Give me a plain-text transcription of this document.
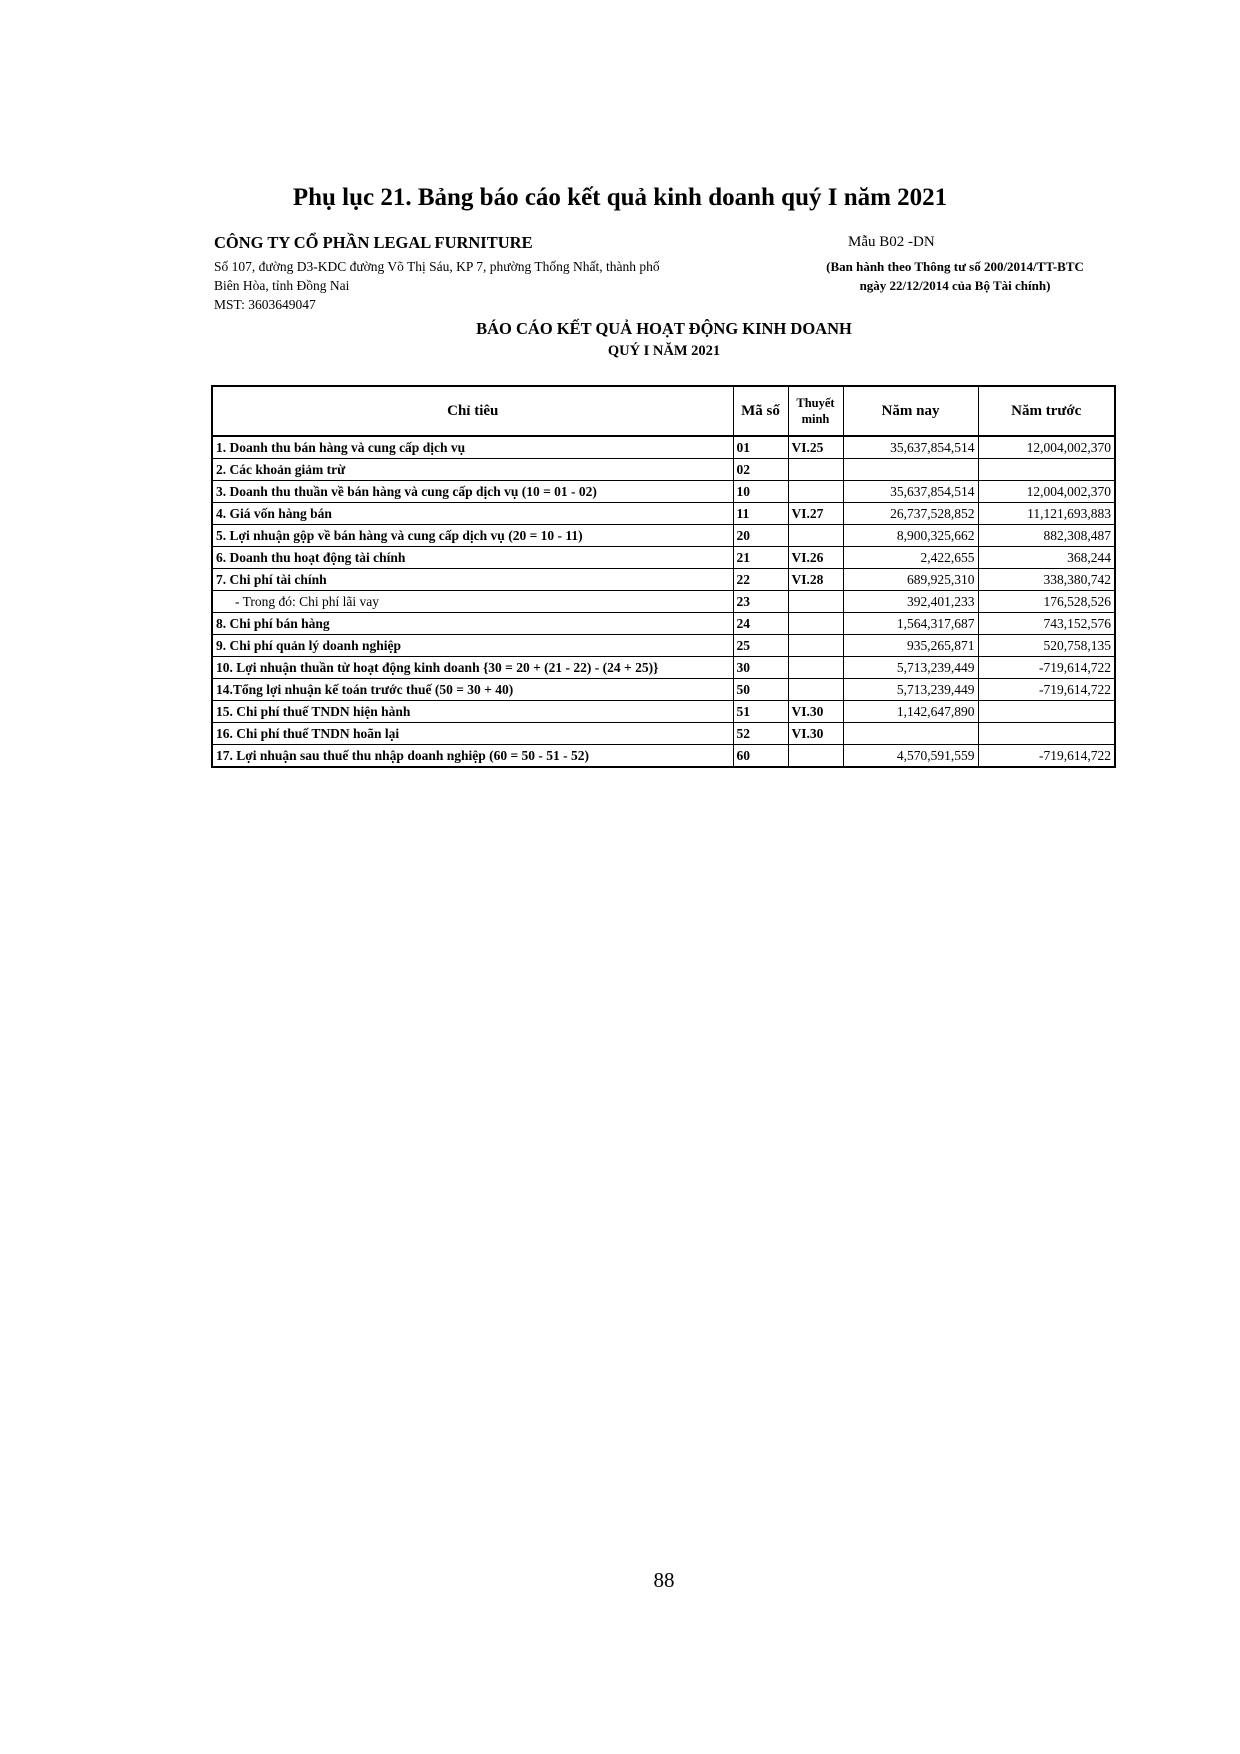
Phụ lục 21. Bảng báo cáo kết quả kinh doanh quý I năm 2021
CÔNG TY CỔ PHẦN LEGAL FURNITURE
Số 107, đường D3-KDC đường Võ Thị Sáu, KP 7, phường Thống Nhất, thành phố
Biên Hòa, tỉnh Đồng Nai
MST: 3603649047
Mẫu B02 -DN
(Ban hành theo Thông tư số 200/2014/TT-BTC
ngày 22/12/2014 của Bộ Tài chính)
BÁO CÁO KẾT QUẢ HOẠT ĐỘNG KINH DOANH
QUÝ I NĂM 2021
Chỉ tiêu	Mã số	Thuyết minh	Năm nay	Năm trước
1. Doanh thu bán hàng và cung cấp dịch vụ	01	VI.25	35,637,854,514	12,004,002,370
2. Các khoản giảm trừ	02			
3. Doanh thu thuần về bán hàng và cung cấp dịch vụ (10 = 01 - 02)	10		35,637,854,514	12,004,002,370
4. Giá vốn hàng bán	11	VI.27	26,737,528,852	11,121,693,883
5. Lợi nhuận gộp về bán hàng và cung cấp dịch vụ (20 = 10 - 11)	20		8,900,325,662	882,308,487
6. Doanh thu hoạt động tài chính	21	VI.26	2,422,655	368,244
7. Chi phí tài chính	22	VI.28	689,925,310	338,380,742
- Trong đó: Chi phí lãi vay	23		392,401,233	176,528,526
8. Chi phí bán hàng	24		1,564,317,687	743,152,576
9. Chi phí quản lý doanh nghiệp	25		935,265,871	520,758,135
10. Lợi nhuận thuần từ hoạt động kinh doanh {30 = 20 + (21 - 22) - (24 + 25)}	30		5,713,239,449	-719,614,722
14.Tổng lợi nhuận kế toán trước thuế (50 = 30 + 40)	50		5,713,239,449	-719,614,722
15. Chi phí thuế TNDN hiện hành	51	VI.30	1,142,647,890	
16. Chi phí thuế TNDN hoãn lại	52	VI.30		
17. Lợi nhuận sau thuế thu nhập doanh nghiệp (60 = 50 - 51 - 52)	60		4,570,591,559	-719,614,722
88
